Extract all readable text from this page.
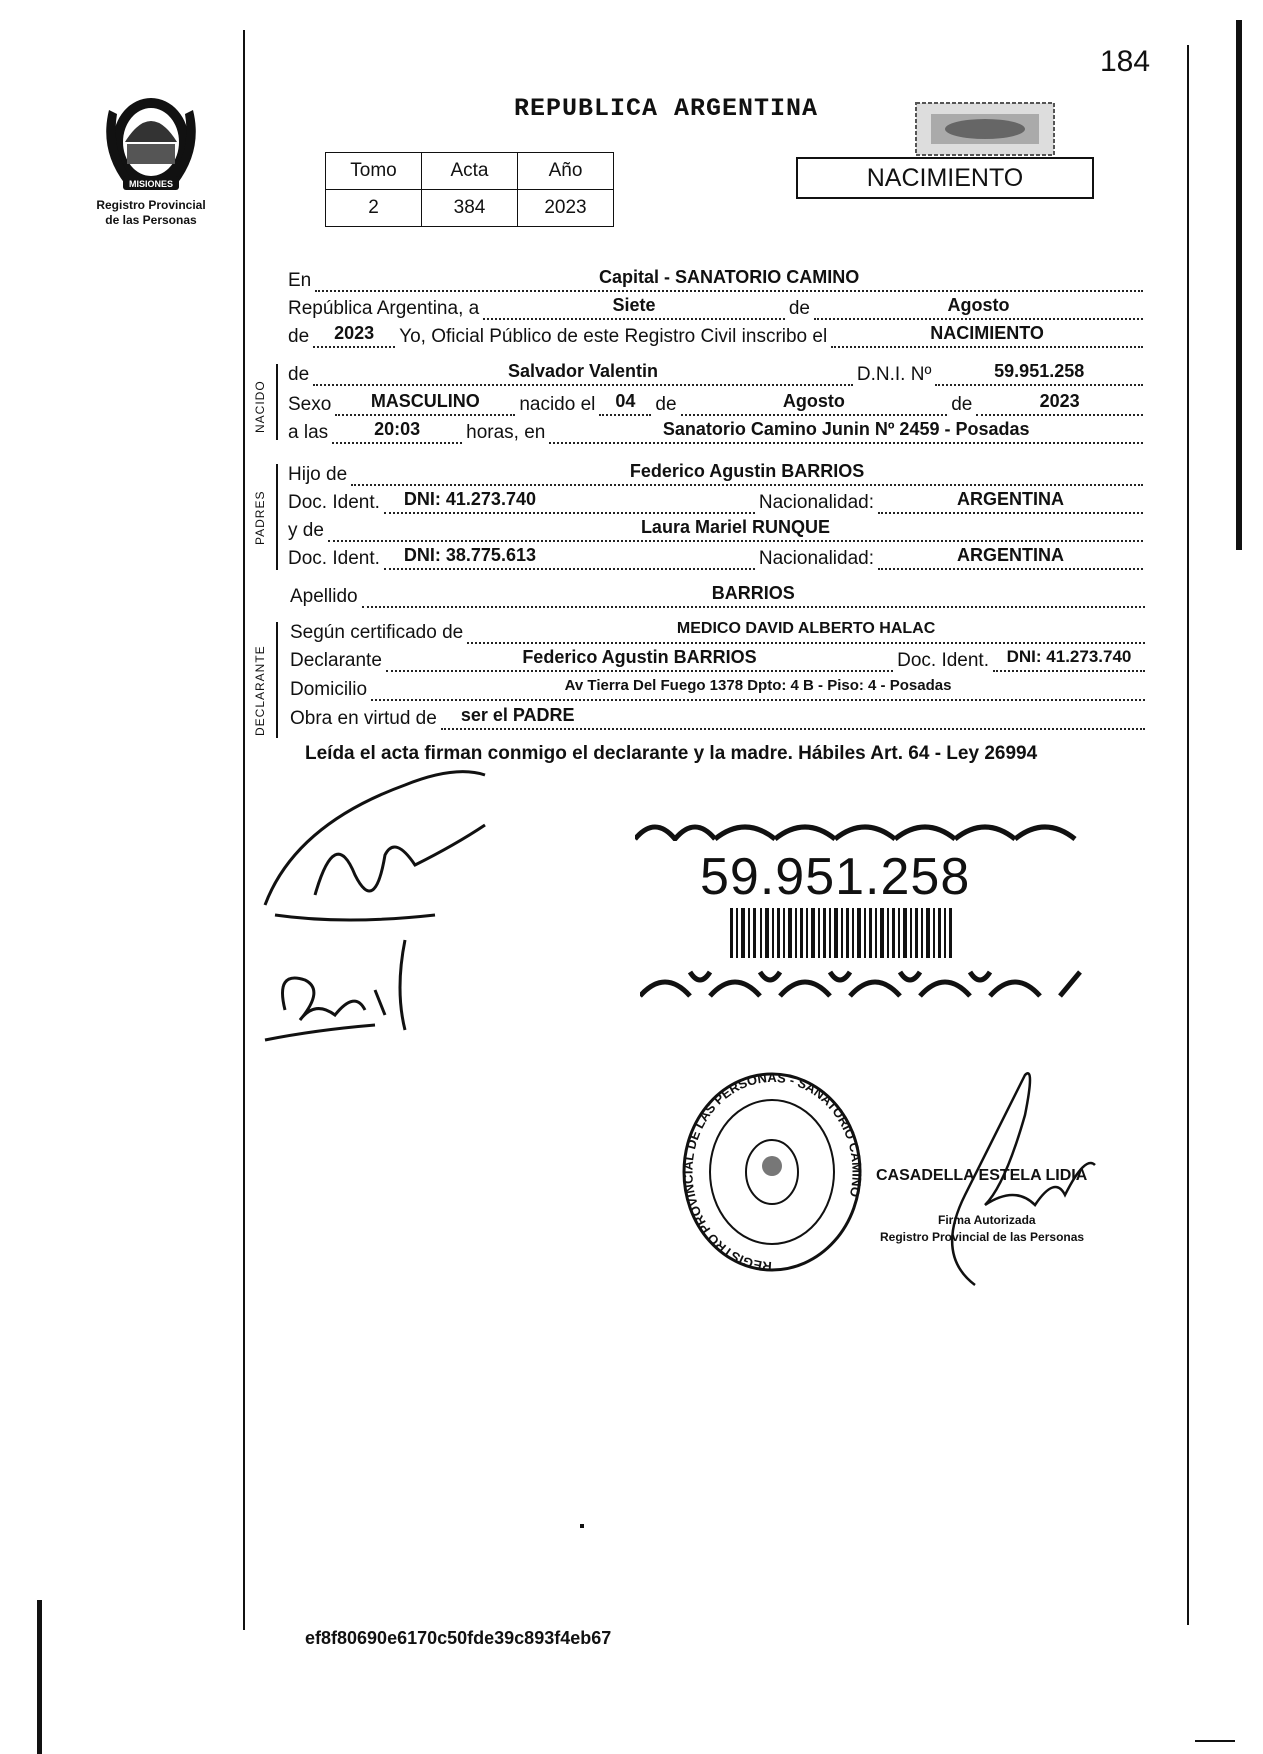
184
MISIONES
Registro Provincial
de las Personas
REPUBLICA ARGENTINA
Tomo	Acta	Año
2	384	2023
NACIMIENTO
En	Capital - SANATORIO CAMINO
República Argentina, a	Siete	de	Agosto
de	2023	Yo, Oficial Público de este Registro Civil inscribo el	NACIMIENTO
NACIDO
de	Salvador Valentin	D.N.I. Nº	59.951.258
Sexo	MASCULINO	nacido el	04	de	Agosto	de	2023
a las	20:03	horas, en	Sanatorio Camino Junin Nº 2459 - Posadas
PADRES
Hijo de	Federico Agustin BARRIOS
Doc. Ident. DNI: 41.273.740	Nacionalidad:	ARGENTINA
y de	Laura Mariel RUNQUE
Doc. Ident. DNI: 38.775.613	Nacionalidad:	ARGENTINA
Apellido	BARRIOS
DECLARANTE
Según certificado de	MEDICO DAVID ALBERTO HALAC
Declarante	Federico Agustin BARRIOS	Doc. Ident.	DNI: 41.273.740
Domicilio	Av Tierra Del Fuego 1378 Dpto: 4 B - Piso: 4 - Posadas
Obra en virtud de ser el PADRE
Leída el acta firman conmigo el declarante y la madre. Hábiles Art. 64 - Ley 26994
59.951.258
REGISTRO PROVINCIAL DE LAS PERSONAS - SANATORIO CAMINO
CASADELLA ESTELA LIDIA
Firma Autorizada
Registro Provincial de las Personas
ef8f80690e6170c50fde39c893f4eb67
